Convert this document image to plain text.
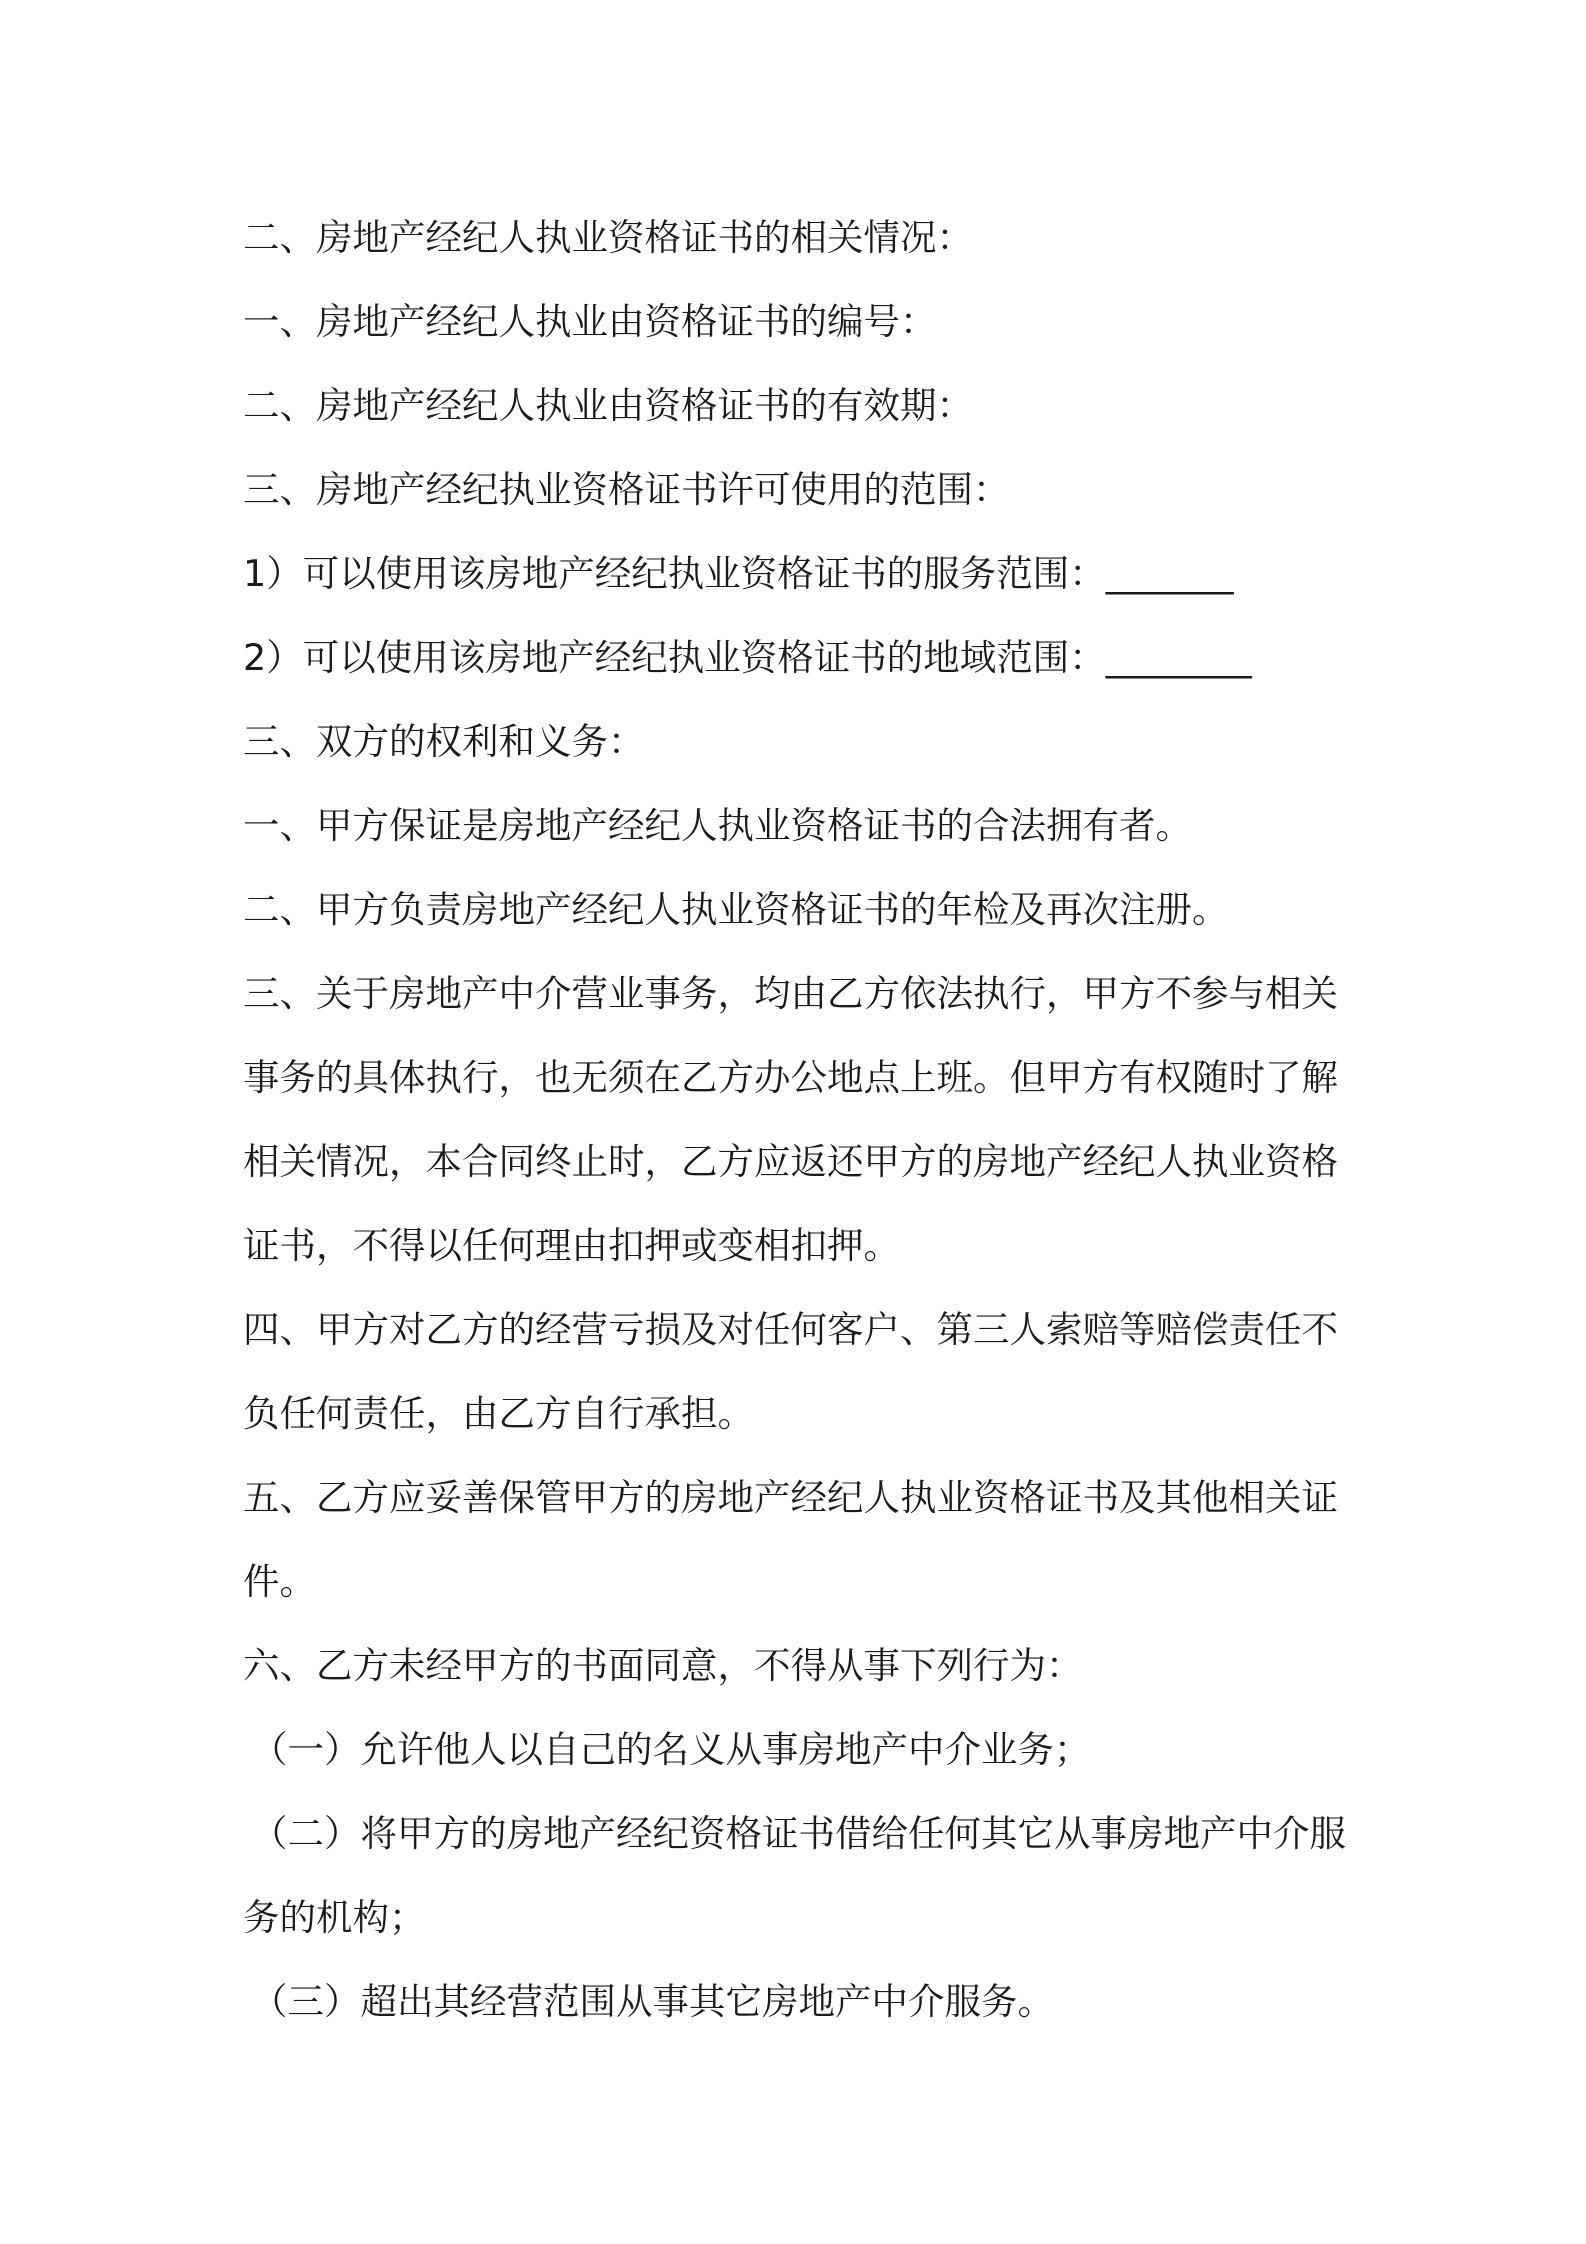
二、房地产经纪人执业资格证书的相关情况：
一、房地产经纪人执业由资格证书的编号：
二、房地产经纪人执业由资格证书的有效期：
三、房地产经纪执业资格证书许可使用的范围：
1）可以使用该房地产经纪执业资格证书的服务范围：_______
2）可以使用该房地产经纪执业资格证书的地域范围：________
三、双方的权利和义务：
一、甲方保证是房地产经纪人执业资格证书的合法拥有者。
二、甲方负责房地产经纪人执业资格证书的年检及再次注册。
三、关于房地产中介营业事务，均由乙方依法执行，甲方不参与相关
事务的具体执行，也无须在乙方办公地点上班。但甲方有权随时了解
相关情况，本合同终止时，乙方应返还甲方的房地产经纪人执业资格
证书，不得以任何理由扣押或变相扣押。
四、甲方对乙方的经营亏损及对任何客户、第三人索赔等赔偿责任不
负任何责任，由乙方自行承担。
五、乙方应妥善保管甲方的房地产经纪人执业资格证书及其他相关证
件。
六、乙方未经甲方的书面同意，不得从事下列行为：
（一）允许他人以自己的名义从事房地产中介业务；
（二）将甲方的房地产经纪资格证书借给任何其它从事房地产中介服
务的机构；
（三）超出其经营范围从事其它房地产中介服务。
